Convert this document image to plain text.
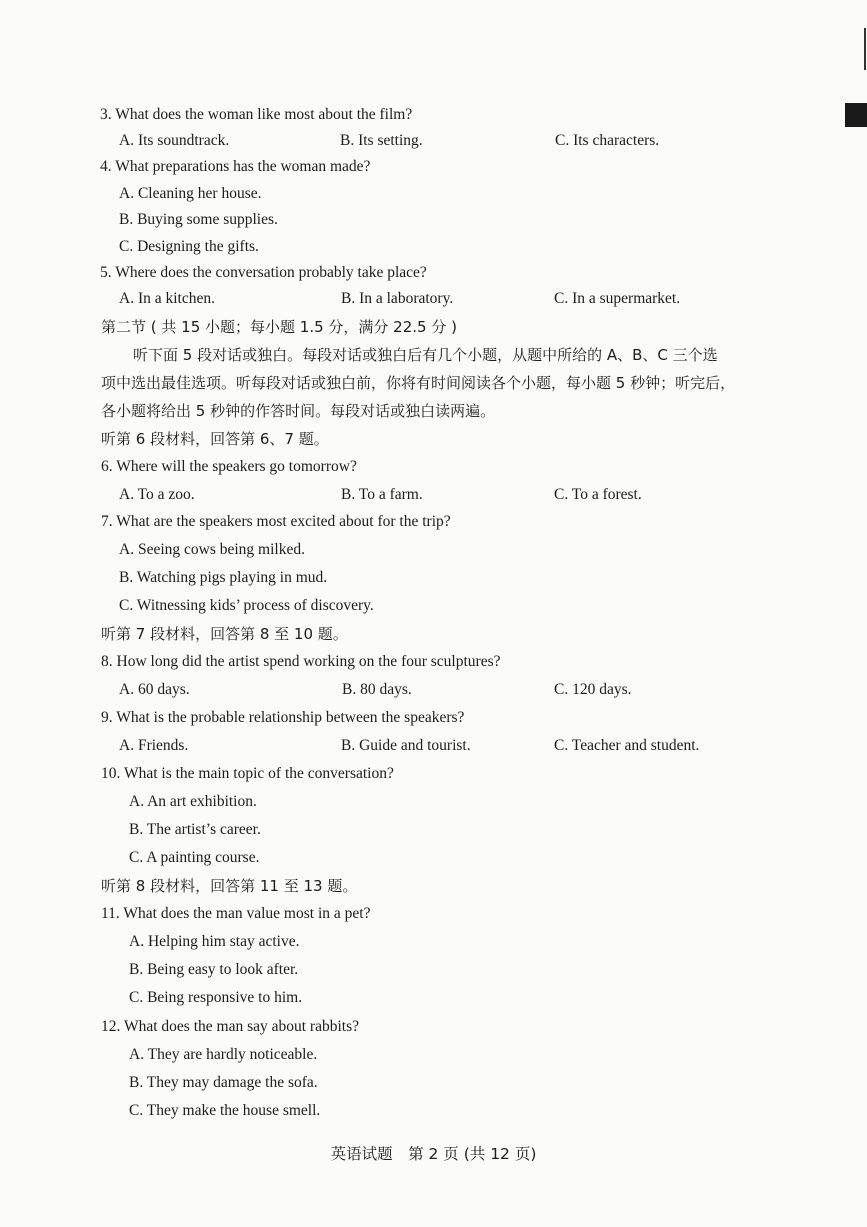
3. What does the woman like most about the film?
A. Its soundtrack.	B. Its setting.	C. Its characters.
4. What preparations has the woman made?
A. Cleaning her house.
B. Buying some supplies.
C. Designing the gifts.
5. Where does the conversation probably take place?
A. In a kitchen.	B. In a laboratory.	C. In a supermarket.
第二节 ( 共 15 小题；每小题 1.5 分，满分 22.5 分 )
听下面 5 段对话或独白。每段对话或独白后有几个小题，从题中所给的 A、B、C 三个选
项中选出最佳选项。听每段对话或独白前，你将有时间阅读各个小题，每小题 5 秒钟；听完后，
各小题将给出 5 秒钟的作答时间。每段对话或独白读两遍。
听第 6 段材料，回答第 6、7 题。
6. Where will the speakers go tomorrow?
A. To a zoo.	B. To a farm.	C. To a forest.
7. What are the speakers most excited about for the trip?
A. Seeing cows being milked.
B. Watching pigs playing in mud.
C. Witnessing kids’ process of discovery.
听第 7 段材料，回答第 8 至 10 题。
8. How long did the artist spend working on the four sculptures?
A. 60 days.	B. 80 days.	C. 120 days.
9. What is the probable relationship between the speakers?
A. Friends.	B. Guide and tourist.	C. Teacher and student.
10. What is the main topic of the conversation?
A. An art exhibition.
B. The artist’s career.
C. A painting course.
听第 8 段材料，回答第 11 至 13 题。
11. What does the man value most in a pet?
A. Helping him stay active.
B. Being easy to look after.
C. Being responsive to him.
12. What does the man say about rabbits?
A. They are hardly noticeable.
B. They may damage the sofa.
C. They make the house smell.
英语试题　第 2 页 (共 12 页)
